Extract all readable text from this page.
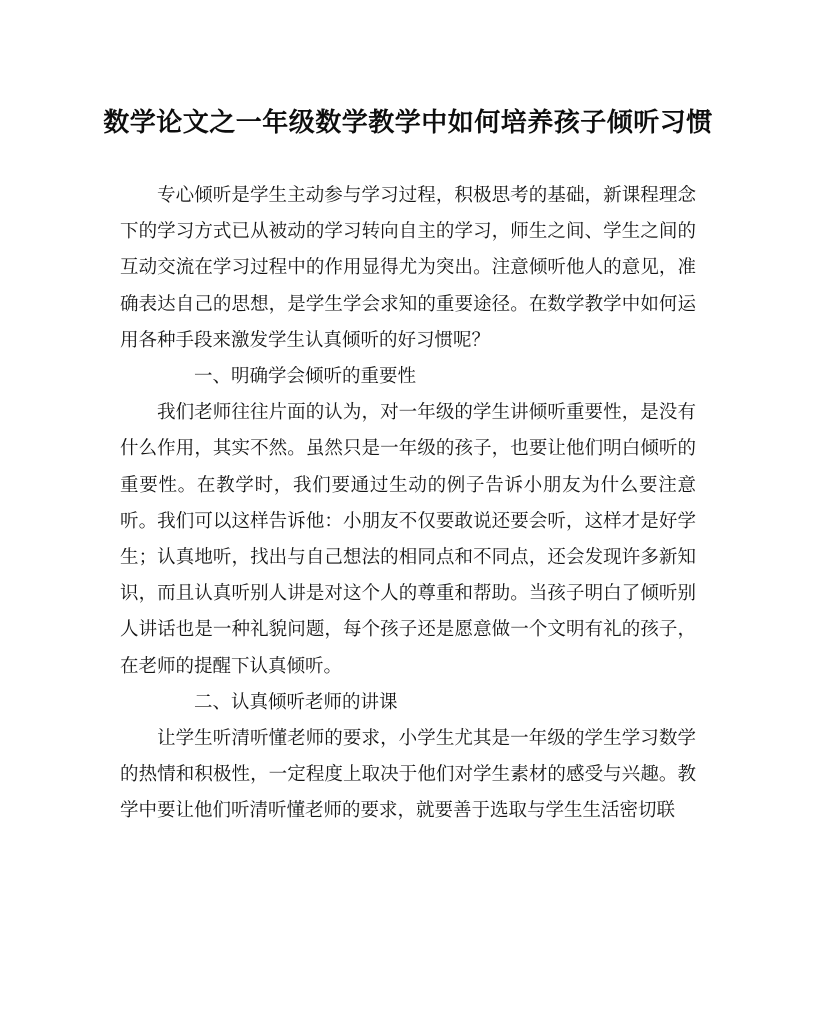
数学论文之一年级数学教学中如何培养孩子倾听习惯

专心倾听是学生主动参与学习过程，积极思考的基础，新课程理念下的学习方式已从被动的学习转向自主的学习，师生之间、学生之间的互动交流在学习过程中的作用显得尤为突出。注意倾听他人的意见，准确表达自己的思想，是学生学会求知的重要途径。在数学教学中如何运用各种手段来激发学生认真倾听的好习惯呢？

一、明确学会倾听的重要性

我们老师往往片面的认为，对一年级的学生讲倾听重要性，是没有什么作用，其实不然。虽然只是一年级的孩子，也要让他们明白倾听的重要性。在教学时，我们要通过生动的例子告诉小朋友为什么要注意听。我们可以这样告诉他：小朋友不仅要敢说还要会听，这样才是好学生；认真地听，找出与自己想法的相同点和不同点，还会发现许多新知识，而且认真听别人讲是对这个人的尊重和帮助。当孩子明白了倾听别人讲话也是一种礼貌问题，每个孩子还是愿意做一个文明有礼的孩子，在老师的提醒下认真倾听。

二、认真倾听老师的讲课

让学生听清听懂老师的要求，小学生尤其是一年级的学生学习数学的热情和积极性，一定程度上取决于他们对学生素材的感受与兴趣。教学中要让他们听清听懂老师的要求，就要善于选取与学生生活密切联
